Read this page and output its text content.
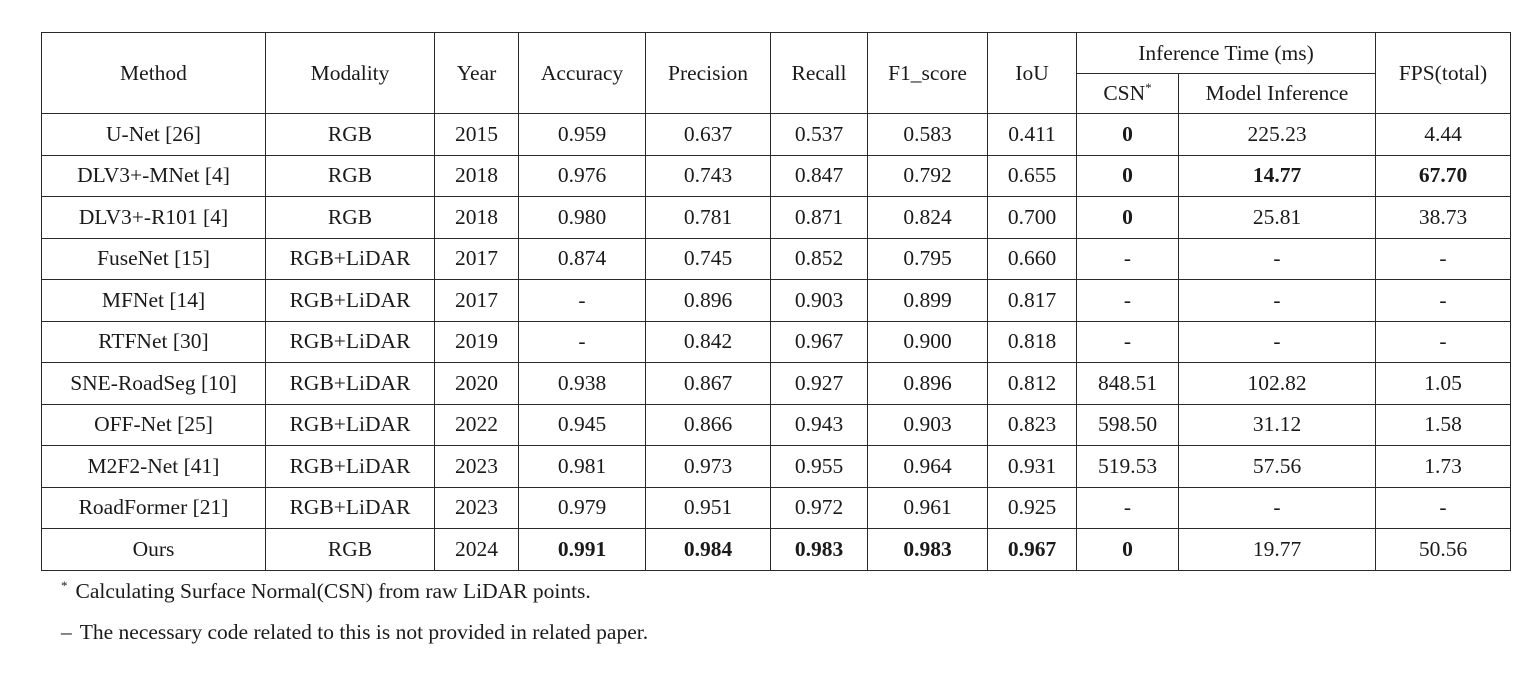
Method	Modality	Year	Accuracy	Precision	Recall	F1_score	IoU	Inference Time (ms)		FPS(total)
								CSN*	Model Inference	
U-Net [26]	RGB	2015	0.959	0.637	0.537	0.583	0.411	0	225.23	4.44
DLV3+-MNet [4]	RGB	2018	0.976	0.743	0.847	0.792	0.655	0	14.77	67.70
DLV3+-R101 [4]	RGB	2018	0.980	0.781	0.871	0.824	0.700	0	25.81	38.73
FuseNet [15]	RGB+LiDAR	2017	0.874	0.745	0.852	0.795	0.660	-	-	-
MFNet [14]	RGB+LiDAR	2017	-	0.896	0.903	0.899	0.817	-	-	-
RTFNet [30]	RGB+LiDAR	2019	-	0.842	0.967	0.900	0.818	-	-	-
SNE-RoadSeg [10]	RGB+LiDAR	2020	0.938	0.867	0.927	0.896	0.812	848.51	102.82	1.05
OFF-Net [25]	RGB+LiDAR	2022	0.945	0.866	0.943	0.903	0.823	598.50	31.12	1.58
M2F2-Net [41]	RGB+LiDAR	2023	0.981	0.973	0.955	0.964	0.931	519.53	57.56	1.73
RoadFormer [21]	RGB+LiDAR	2023	0.979	0.951	0.972	0.961	0.925	-	-	-
Ours	RGB	2024	0.991	0.984	0.983	0.983	0.967	0	19.77	50.56
* Calculating Surface Normal(CSN) from raw LiDAR points.
– The necessary code related to this is not provided in related paper.
